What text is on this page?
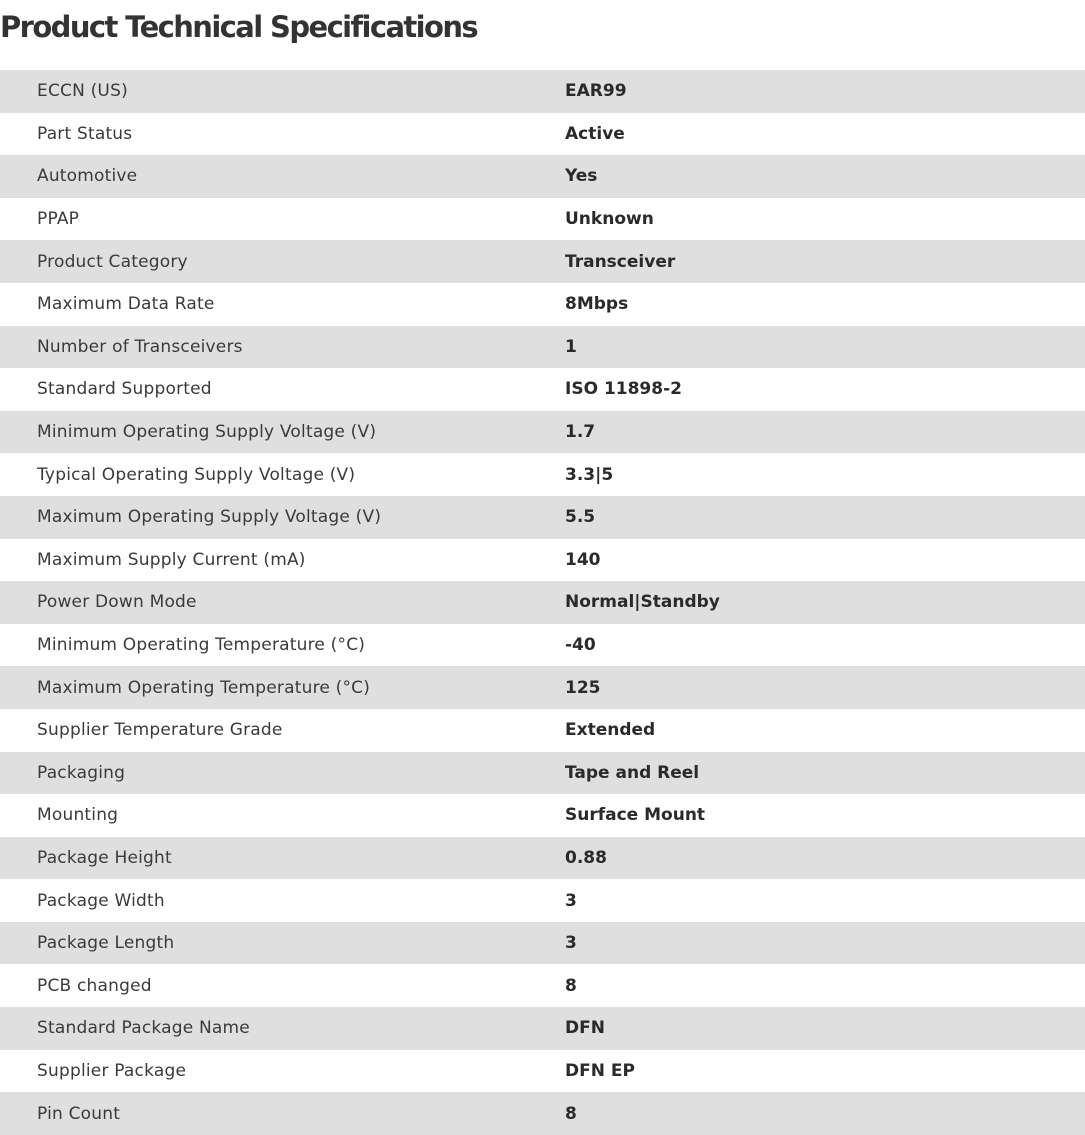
Product Technical Specifications
ECCN (US)	EAR99
Part Status	Active
Automotive	Yes
PPAP	Unknown
Product Category	Transceiver
Maximum Data Rate	8Mbps
Number of Transceivers	1
Standard Supported	ISO 11898-2
Minimum Operating Supply Voltage (V)	1.7
Typical Operating Supply Voltage (V)	3.3|5
Maximum Operating Supply Voltage (V)	5.5
Maximum Supply Current (mA)	140
Power Down Mode	Normal|Standby
Minimum Operating Temperature (°C)	-40
Maximum Operating Temperature (°C)	125
Supplier Temperature Grade	Extended
Packaging	Tape and Reel
Mounting	Surface Mount
Package Height	0.88
Package Width	3
Package Length	3
PCB changed	8
Standard Package Name	DFN
Supplier Package	DFN EP
Pin Count	8
